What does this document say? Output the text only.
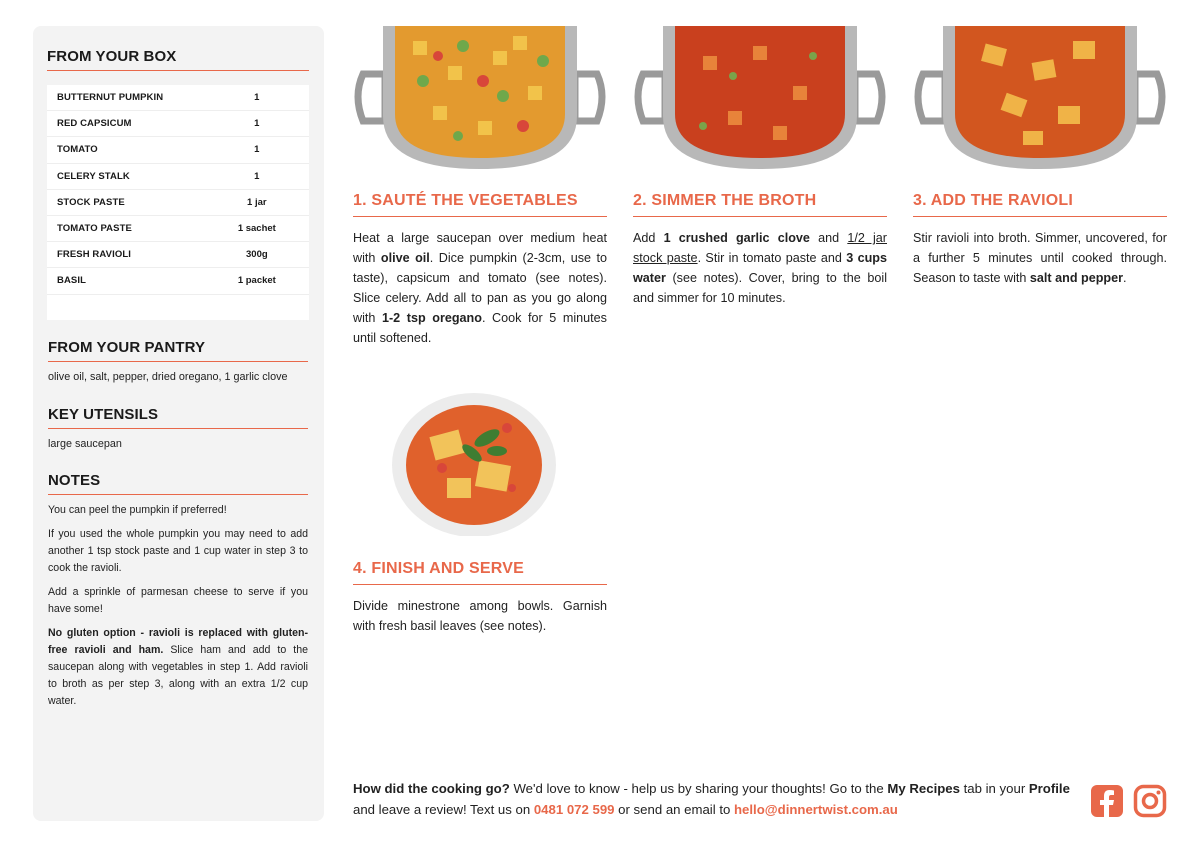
FROM YOUR BOX
BUTTERNUT PUMPKIN	1
RED CAPSICUM	1
TOMATO	1
CELERY STALK	1
STOCK PASTE	1 jar
TOMATO PASTE	1 sachet
FRESH RAVIOLI	300g
BASIL	1 packet
FROM YOUR PANTRY
olive oil, salt, pepper, dried oregano, 1 garlic clove
KEY UTENSILS
large saucepan
NOTES

You can peel the pumpkin if preferred!

If you used the whole pumpkin you may need to add another 1 tsp stock paste and 1 cup water in step 3 to cook the ravioli.

Add a sprinkle of parmesan cheese to serve if you have some!

No gluten option - ravioli is replaced with gluten-free ravioli and ham. Slice ham and add to the saucepan along with vegetables in step 1. Add ravioli to broth as per step 3, along with an extra 1/2 cup water.

1. SAUTÉ THE VEGETABLES
Heat a large saucepan over medium heat with olive oil. Dice pumpkin (2-3cm, use to taste), capsicum and tomato (see notes). Slice celery. Add all to pan as you go along with 1-2 tsp oregano. Cook for 5 minutes until softened.
2. SIMMER THE BROTH
Add 1 crushed garlic clove and 1/2 jar stock paste. Stir in tomato paste and 3 cups water (see notes). Cover, bring to the boil and simmer for 10 minutes.
3. ADD THE RAVIOLI
Stir ravioli into broth. Simmer, uncovered, for a further 5 minutes until cooked through. Season to taste with salt and pepper.
4. FINISH AND SERVE
Divide minestrone among bowls. Garnish with fresh basil leaves (see notes).
How did the cooking go? We'd love to know - help us by sharing your thoughts! Go to the My Recipes tab in your Profile and leave a review! Text us on 0481 072 599 or send an email to hello@dinnertwist.com.au
